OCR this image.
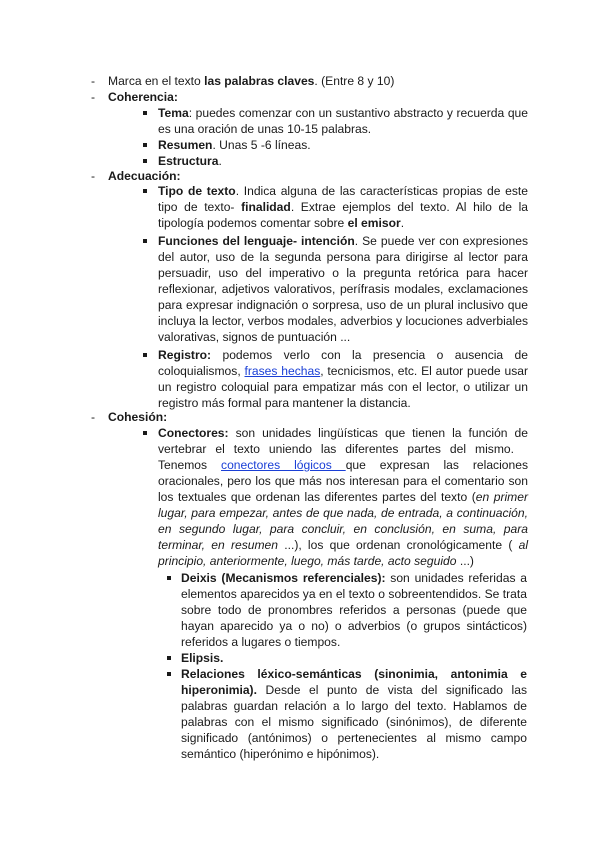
- Marca en el texto las palabras claves. (Entre 8 y 10)
- Coherencia:
Tema: puedes comenzar con un sustantivo abstracto y recuerda que
es una oración de unas 10-15 palabras.
Resumen. Unas 5 -6 líneas.
Estructura.
- Adecuación:
Tipo de texto. Indica alguna de las características propias de este
tipo de texto- finalidad. Extrae ejemplos del texto. Al hilo de la
tipología podemos comentar sobre el emisor.
Funciones del lenguaje- intención. Se puede ver con expresiones
del autor, uso de la segunda persona para dirigirse al lector para
persuadir, uso del imperativo o la pregunta retórica para hacer
reflexionar, adjetivos valorativos, perífrasis modales, exclamaciones
para expresar indignación o sorpresa, uso de un plural inclusivo que
incluya la lector, verbos modales, adverbios y locuciones adverbiales
valorativas, signos de puntuación ...
Registro: podemos verlo con la presencia o ausencia de
coloquialismos, frases hechas, tecnicismos, etc. El autor puede usar
un registro coloquial para empatizar más con el lector, o utilizar un
registro más formal para mantener la distancia.
- Cohesión:
Conectores: son unidades lingüísticas que tienen la función de
vertebrar el texto uniendo las diferentes partes del mismo.
Tenemos conectores lógicos que expresan las relaciones
oracionales, pero los que más nos interesan para el comentario son
los textuales que ordenan las diferentes partes del texto (en primer
lugar, para empezar, antes de que nada, de entrada, a continuación,
en segundo lugar, para concluir, en conclusión, en suma, para
terminar, en resumen ...), los que ordenan cronológicamente ( al
principio, anteriormente, luego, más tarde, acto seguido ...)
Deixis (Mecanismos referenciales): son unidades referidas a
elementos aparecidos ya en el texto o sobreentendidos. Se trata
sobre todo de pronombres referidos a personas (puede que
hayan aparecido ya o no) o adverbios (o grupos sintácticos)
referidos a lugares o tiempos.
Elipsis.
Relaciones léxico-semánticas (sinonimia, antonimia e
hiperonimia). Desde el punto de vista del significado las
palabras guardan relación a lo largo del texto. Hablamos de
palabras con el mismo significado (sinónimos), de diferente
significado (antónimos) o pertenecientes al mismo campo
semántico (hiperónimo e hipónimos).
